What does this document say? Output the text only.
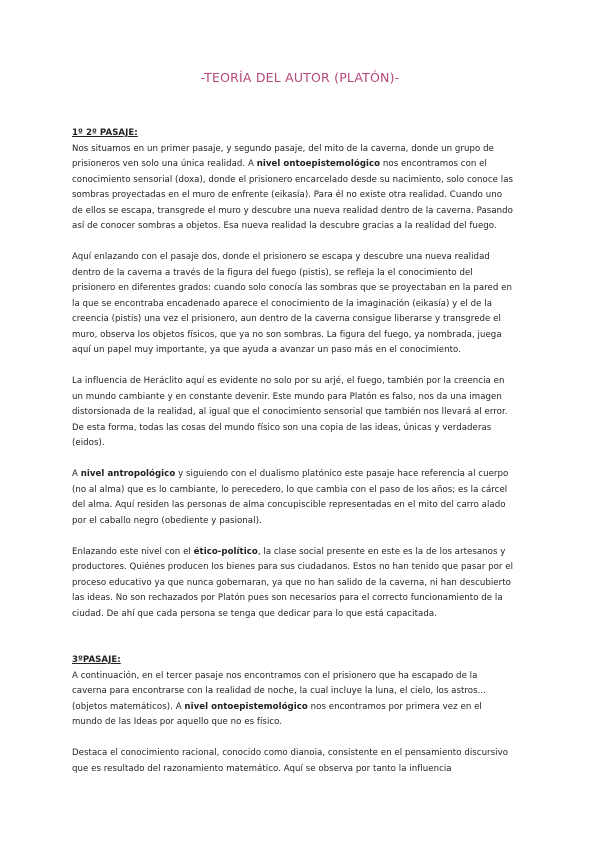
-TEORÍA DEL AUTOR (PLATÓN)-
1º 2º PASAJE:

Nos situamos en un primer pasaje, y segundo pasaje, del mito de la caverna, donde un grupo de prisioneros ven solo una única realidad. A nivel ontoepistemológico nos encontramos con el conocimiento sensorial (doxa), donde el prisionero encarcelado desde su nacimiento, solo conoce las sombras proyectadas en el muro de enfrente (eikasía). Para él no existe otra realidad. Cuando uno de ellos se escapa, transgrede el muro y descubre una nueva realidad dentro de la caverna. Pasando así de conocer sombras a objetos. Esa nueva realidad la descubre gracias a la realidad del fuego.

Aquí enlazando con el pasaje dos, donde el prisionero se escapa y descubre una nueva realidad dentro de la caverna a través de la figura del fuego (pistis), se refleja la el conocimiento del prisionero en diferentes grados: cuando solo conocía las sombras que se proyectaban en la pared en la que se encontraba encadenado aparece el conocimiento de la imaginación (eikasía) y el de la creencia (pistis) una vez el prisionero, aun dentro de la caverna consigue liberarse y transgrede el muro, observa los objetos físicos, que ya no son sombras. La figura del fuego, ya nombrada, juega aquí un papel muy importante, ya que ayuda a avanzar un paso más en el conocimiento.

La influencia de Heráclito aquí es evidente no solo por su arjé, el fuego, también por la creencia en un mundo cambiante y en constante devenir. Este mundo para Platón es falso, nos da una imagen distorsionada de la realidad, al igual que el conocimiento sensorial que también nos llevará al error. De esta forma, todas las cosas del mundo físico son una copia de las ideas, únicas y verdaderas (eidos).

A nivel antropológico y siguiendo con el dualismo platónico este pasaje hace referencia al cuerpo (no al alma) que es lo cambiante, lo perecedero, lo que cambia con el paso de los años; es la cárcel del alma. Aquí residen las personas de alma concupiscible representadas en el mito del carro alado por el caballo negro (obediente y pasional).

Enlazando este nivel con el ético-político, la clase social presente en este es la de los artesanos y productores. Quiénes producen los bienes para sus ciudadanos. Estos no han tenido que pasar por el proceso educativo ya que nunca gobernaran, ya que no han salido de la caverna, ni han descubierto las ideas. No son rechazados por Platón pues son necesarios para el correcto funcionamiento de la ciudad. De ahí que cada persona se tenga que dedicar para lo que está capacitada.

3ºPASAJE:

A continuación, en el tercer pasaje nos encontramos con el prisionero que ha escapado de la caverna para encontrarse con la realidad de noche, la cual incluye la luna, el cielo, los astros...(objetos matemáticos). A nivel ontoepistemológico nos encontramos por primera vez en el mundo de las Ideas por aquello que no es físico.

Destaca el conocimiento racional, conocido como dianoia, consistente en el pensamiento discursivo que es resultado del razonamiento matemático. Aquí se observa por tanto la influencia
